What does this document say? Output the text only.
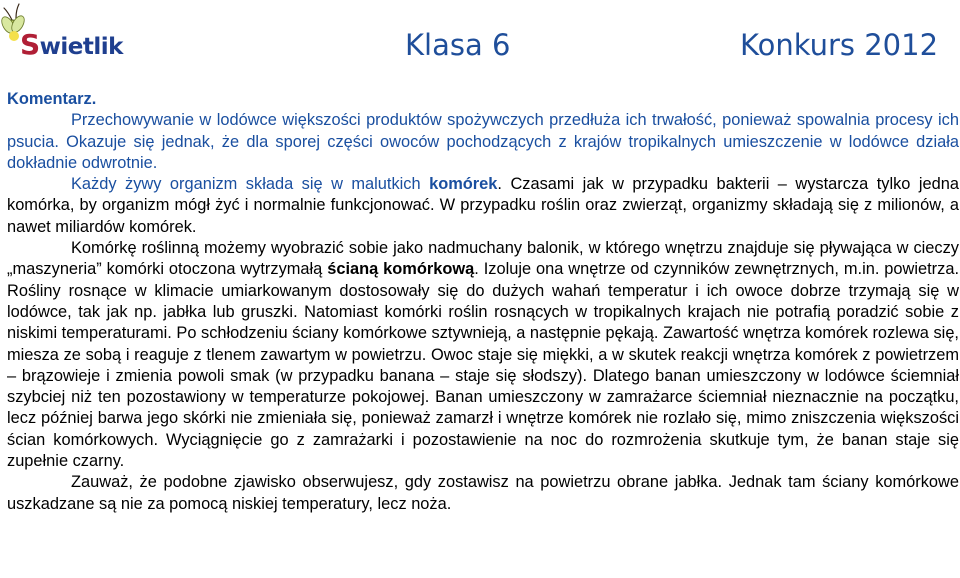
Swietlik	Klasa 6	Konkurs 2012

Komentarz.

Przechowywanie w lodówce większości produktów spożywczych przedłuża ich trwałość, ponieważ spowalnia procesy ich psucia. Okazuje się jednak, że dla sporej części owoców pochodzących z krajów tropikalnych umieszczenie w lodówce działa dokładnie odwrotnie.

Każdy żywy organizm składa się w malutkich komórek. Czasami jak w przypadku bakterii – wystarcza tylko jedna komórka, by organizm mógł żyć i normalnie funkcjonować. W przypadku roślin oraz zwierząt, organizmy składają się z milionów, a nawet miliardów komórek.

Komórkę roślinną możemy wyobrazić sobie jako nadmuchany balonik, w którego wnętrzu znajduje się pływająca w cieczy „maszyneria” komórki otoczona wytrzymałą ścianą komórkową. Izoluje ona wnętrze od czynników zewnętrznych, m.in. powietrza. Rośliny rosnące w klimacie umiarkowanym dostosowały się do dużych wahań temperatur i ich owoce dobrze trzymają się w lodówce, tak jak np. jabłka lub gruszki. Natomiast komórki roślin rosnących w tropikalnych krajach nie potrafią poradzić sobie z niskimi temperaturami. Po schłodzeniu ściany komórkowe sztywnieją, a następnie pękają. Zawartość wnętrza komórek rozlewa się, miesza ze sobą i reaguje z tlenem zawartym w powietrzu. Owoc staje się miękki, a w skutek reakcji wnętrza komórek z powietrzem – brązowieje i zmienia powoli smak (w przypadku banana – staje się słodszy). Dlatego banan umieszczony w lodówce ściemniał szybciej niż ten pozostawiony w temperaturze pokojowej. Banan umieszczony w zamrażarce ściemniał nieznacznie na początku, lecz później barwa jego skórki nie zmieniała się, ponieważ zamarzł i wnętrze komórek nie rozlało się, mimo zniszczenia większości ścian komórkowych. Wyciągnięcie go z zamrażarki i pozostawienie na noc do rozmrożenia skutkuje tym, że banan staje się zupełnie czarny.

Zauważ, że podobne zjawisko obserwujesz, gdy zostawisz na powietrzu obrane jabłka. Jednak tam ściany komórkowe uszkadzane są nie za pomocą niskiej temperatury, lecz noża.
